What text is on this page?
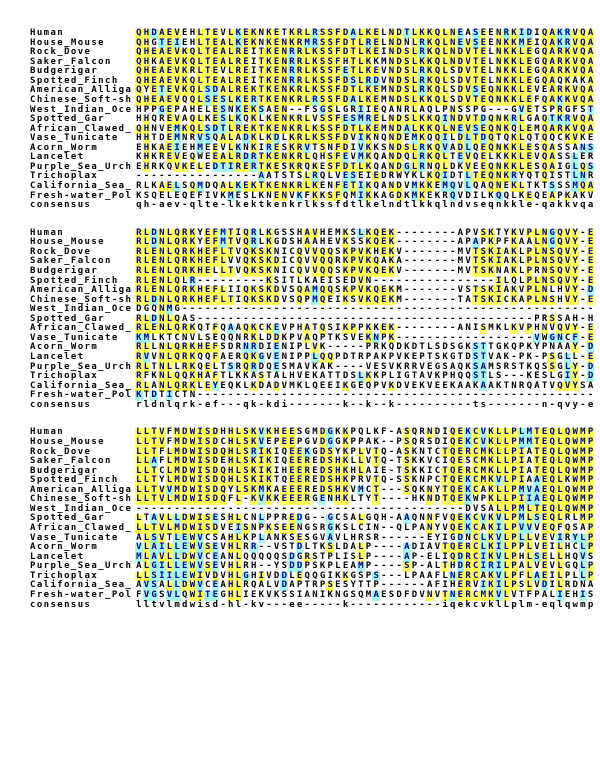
Human	Q H D A E V E H L T E V L K E K N K E T K R L R S S F D A L K E L N D T L K K Q L N E A S E E N R K I D I Q A K R V Q A
House_Mouse	Q H G T E I E H L T E A L K E K N K E N K R M R S S F D T L R E L N D N L R K Q L N E V S E E N K K M E I Q A K R V Q A
Rock_Dove	Q H E A E V K Q L T E A L R E I T K E N R R L K S S F D T L K E I N D S L R K Q L N D V T E L N K K L E G Q A R K V Q A
Saker_Falcon	Q H K A E V K Q L T E A L R E I T K E N R R L K S S F H T L K K M N D S L K K Q L N D V T E L N K K L E G Q A R K V Q A
Budgerigar	Q H E A E V K R L T E V L R E I T K E N R R L K S S F E T L K E V N D S L R K Q L S D V T E L N K K L E G Q A R K V Q A
Spotted_Finch	Q H E A E V K Q L T E A L R E I T K E N R R L K S S F D S L R D V N D S L R K Q L S D V T E L N K K L E G Q A Q K A K A
American_Alliga Q Y E T E V K Q L S D A L R E K T K E N K R L K S S F D T L K E M N D S L R K Q L S D V S E Q N K K L E V E A R K V Q A
Chinese_Soft-sh Q H E A E V Q Q L S E S L K E R T K E N K R L R S S F D A L K E M N D S L K K Q L S D V T E Q N K K L E F Q A K K V Q A
West_Indian_Oce H P P G E P A H E L E S N K E K S A E N - - F S G S L G R I I E Q A N R L A Q L P N S S P G - - - G V E T S P R G F S T
Spotted_Gar	H H Q R E V A Q L K E S L K Q K L K E N K R L V S S F E S M R E L N D S L K K Q I N D V T D Q N K R L G A Q T K R V Q A
African_Clawed_ Q H N V E M K Q L S D T L R E K T K E N K R L K S S F D T L K E M N D A L K K Q L N E V S E Q N K Q L E M Q A R K V Q A
Vase_Tunicate	H H T D E M N R V S Q A L A D K L K D L K R L K S S F D V I K N Q N D E M K Q Q I L D L T D Q T Q K L Q T Q Q C K V K E
Acorn_Worm	E H K A E I E H M E E V L K N K I R E S K R V T S N F D I V K K S N D S L R K Q V A D L Q E Q N K K L E S Q A S S A N S
Lancelet	K H K R E V E Q W E E A L R D R T K E N K R L Q H S F E V M K Q A N D Q L R K Q L T E V Q E L K K K L E V Q A S S L E R
Purple_Sea_Urch E H R K Q V K E L E D T I R E R T K E S K R Q K E S F D T L K Q A N D G L R N Q L D K V E E Q N K K L E S Q A I G L Q S
Trichoplax	- - - - - - - - - - - - - - - - A A T S T S L R Q L V E S E I E D R W Y K L K Q I D T L T E Q N K R Y Q T Q I S T L N R
California_Sea_ R L K A E L S Q M D Q A L K E K T K E N K R L K E N F E T I K Q A N D V M K K E M Q V L Q A Q N E K L T K T S S S M Q A
Fresh-water_Pol K S Q E L E Q E F I V K M E S L K N E N V K F K K S F Q M I K K A G D K M K E K R Q V D I L K Q Q L K E Q E A P K A K V
consensus	q h - a e v - q l t e - l k e k t k e n k r l k s s f d t l k e l n d t l k k q l n d v s e q n k k l e - q a k k v q a
Human	R L D N L Q R K Y E F M T I Q R L K G S S H A V H E M K S L K Q E K - - - - - - - - A P V S K T Y K V P L N G Q V Y - E
House_Mouse	R L D N L Q R K Y E F M T V Q R L K G D S H A A H E V K S S K Q E K - - - - - - - - A P A P K P F K A A L N G Q V Y - E
Rock_Dove	R L E N L Q R K H E F L T V Q K S K N I C Q V V Q Q S K P V K H E K V - - - - - - - M V T S K I A K L P L N S Q V Y - E
Saker_Falcon	R L E N L Q R K H E F L V V Q K S K D I C Q V V Q Q R K P V K Q A K A - - - - - - - M V T S K I A K L P L N S Q V Y - E
Budgerigar	R L E N L Q R K H E L L T V Q K S K N I C Q V V Q Q S K P V K Q E K V - - - - - - - M V T S K N A K L P R N S Q V Y - E
Spotted_Finch	R L E N L Q L R - - - - - - - - - K S I T L K A E I S E D V N - - - - - - - - - - - - - - - - I L Q L P L N S Q V Y - E
American_Alliga R L E N L Q R K H E F L I I Q K S K D V S Q A M Q Q S K P V K Q E K M - - - - - - - V S T S K I A K V P L N L H V Y - D
Chinese_Soft-sh R L D N L Q R K H E F L T I Q K S K D V S Q P M Q E I K S V K Q E K M - - - - - - - T A T S K I C K A P L N S H V Y - E
West_Indian_Oce D G Q N M G - - - - - - - - - - - - - - - - - - - - - - - - - - - - - - - - - - - - - - - - - - - - - - - - - - - - - -
Spotted_Gar	R L D N L Q A S - - - - - - - - - - - - - - - - - - - - - - - - - - - - - - - - - - - - - - - - - - - - P R S S A H - H
African_Clawed_ R L E N L Q R K Q T F Q A A Q K C K E V P H A T Q S I K P P K K E K - - - - - - - - A N I S M K L K V P H N V Q V Y - E
Vase_Tunicate	K M L K T C N V L S E Q Q N R K L D D K P V A Q P T K S V E K N P K - - - - - - - - - - - - - - - - - - V W G N C F - E
Acorn_Worm	R L L N L Q R K H E F S D R N R D I E N I P L V K - - - - - P R K Q D K D T L S D S G K S T T G K Q P K Y P N A A Y - D
Lancelet	R V V N L Q R K Q Q F A E R Q K G V E N I P P L Q Q P D T R P A K P V K E P T S K G T D S T V A K - P K - P S G L L - E
Purple_Sea_Urch R L T N L L R K Q E L T S R Q R D Q E S M A V K A K - - - - V E S V K R R V E G S A Q K S A M S R S T K Q S S G L Y - D
Trichoplax	R F K N L Q Q K H A F T L K K A S T A L H V E K A T T D S L K K P L I G T A V K P H Q Q S T L S - - - K E S L G I Y - D
California_Sea_ R L A N L Q R K L E Y E Q K L K D A D V M K L Q E E I K G E Q P V K D V E K V E E K A A K A A K T N R Q A T V Q V Y S A
Fresh-water_Pol K T D T I C T N - - - - - - - - - - - - - - - - - - - - - - - - - - - - - - - - - - - - - - - - - - - - - - - - - - - -
consensus	r l d n l q r k - e f - - - q k - k d i - - - - - - - k - - k - - k - - - - - - - - - - t s - - - - - - - n - q v y - e
Human	L L T V F M D W I S D H H L S K V K H E E S G M D G K K P Q L K F - A S Q R N D I Q E K C V K L L P L M T E Q L Q W M P
House_Mouse	L L T V F M D W I S D C H L S K V E P E E P G V D G G K P P A K - - P S Q R S D I Q E K C V K L L P M M T E Q L Q W M P
Rock_Dove	L L T F L M D W I S D Q H L S R I K I Q E E K G D S Y K P L V T Q - A S K N T C T Q E R C M K L L P I A T E Q L Q W M P
Saker_Falcon	L L A F L M D W I S D E H L S K I K I Q E E R E D S H K L L V T Q - T S K K V C I Q E S C M K L L P I A T E Q L Q W M P
Budgerigar	L L T C L M D W I S D Q H L S K I K I H E E R E D S H K H L A I E - T S K K I C T Q E R C M K L L P I A T E Q L Q W M P
Spotted_Finch	L L T Y L M D W I S D Q H L S K I K T Q E E R E D S H K P R V T Q - S S K N P C T Q E K C M K V L P I A A E Q L K W M P
American_Alliga L L T V V M D W I S D Q Y L S K M K A E E E R E D S H K V M C T - - - S Q K N Y T Q E K C A K L L P M V A E Q L Q W M P
Chinese_Soft-sh L L T V L M D W I S D Q F L - K V K K E E E R G E N H K L T Y T - - - - H K N D T Q E K W P K L L P I I A E Q L Q W M P
West_Indian_Oce - - - - - - - - - - - - - - - - - - - - - - - - - - - - - - - - - - - - - - - - - - - D V S A L L P M L T E Q L Q W M P
Spotted_Gar	L T A V L L D W I S E S H L C N L P P R E D G - - G C S A L G Q H - A A Q N N F V Q E K C V K V L P M L S E Q L R L M P
African_Clawed_ L L T V L M D W I S D V E I S N P K S E E N G S R G K S L C I N - - Q L P A N Y V Q E K C A K I L P V V V E Q F Q S A P
Vase_Tunicate	A L S V T L E W V C S A H L K P L A N K S E S G V A V L H R S R - - - - - - E Y I G D N C L K V L P L L V E V I R Y L P
Acorn_Worm	V L A I L L E W V S E V H L R R - - V S T D L T K S L D A L P - - - - A D I A V T Q E R C L K I L P P L V E I L H C L P
Lancelet	M L A V L L D W V C E A N L Q Q Q Q Q S D G R S T P L I S L P - - - - A P - E L I Q D R C I K V L P H L S E L L H Q V S
Purple_Sea_Urch A L G I L L E W V S E V H L R H - - Y S D D P S K P L E A M P - - - - S P - A L T H D R C I R I L P A L V E V L G Q L P
Trichoplax	L L S I I L E W I V D V H L G H I V D D L E Q Q G I K K G S P S - - - L P A A F L N E R C A K V L P F L A E I L P L L P
California_Sea_ A V S A L L D W V C E A H L R Q A L V D A P T R P S E S Y T T P - - - - - - A F I H E R V I K I L P S L V D I L R D N A
Fresh-water_Pol F V G S V L Q W I T E G H L I E K V K S S I A N I K N G S Q M A E S D F D V N V T N E R C M K V L V T F P A L I E H I S
consensus	l l t v l m d w i s d - h l - k v - - - e e - - - - - k - - - - - - - - - - - - i q e k c v k l L p l m - e q l q w m p
